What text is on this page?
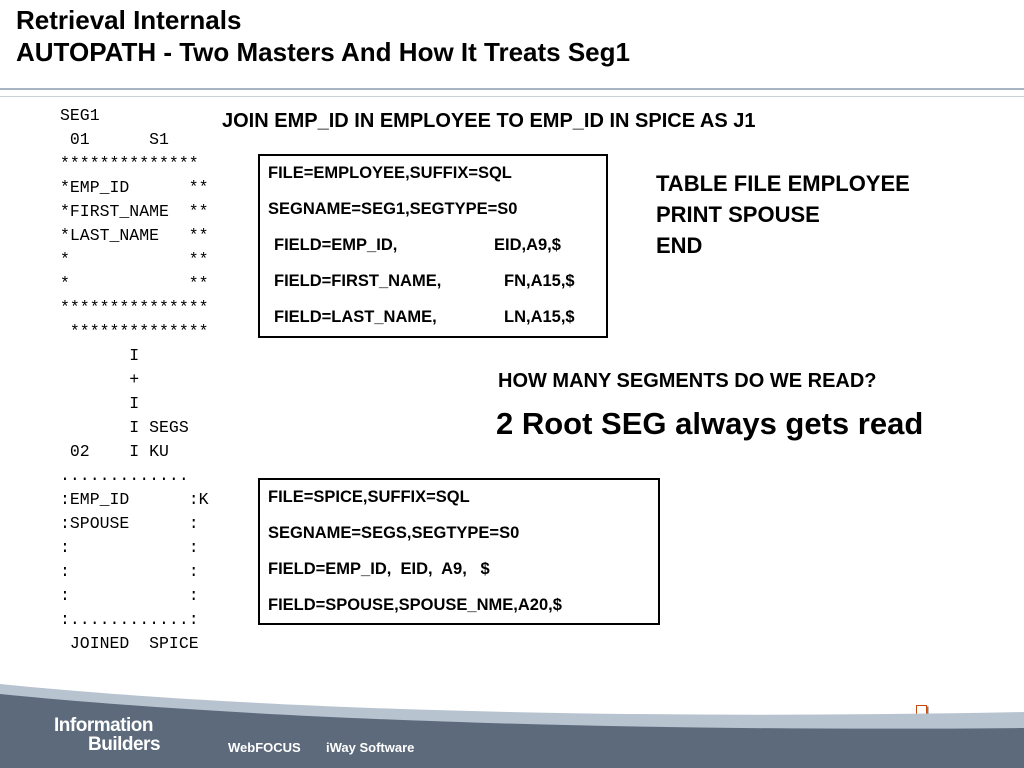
Retrieval Internals
AUTOPATH - Two Masters And How It Treats Seg1
SEG1
01      S1
**************
*EMP_ID      **
*FIRST_NAME  **
*LAST_NAME   **
*            **
*            **
***************
**************
I
+
I
I SEGS
02    I KU
.............
:EMP_ID      :K
:SPOUSE      :
:            :
:            :
:            :
:............:
JOINED  SPICE
JOIN EMP_ID IN EMPLOYEE TO EMP_ID IN SPICE AS J1
FILE=EMPLOYEE,SUFFIX=SQL
SEGNAME=SEG1,SEGTYPE=S0
FIELD=EMP_ID,	EID,A9,$
FIELD=FIRST_NAME,	FN,A15,$
FIELD=LAST_NAME,	LN,A15,$
TABLE FILE EMPLOYEE
PRINT SPOUSE
END
HOW MANY SEGMENTS DO WE READ?
2 Root SEG always gets read
FILE=SPICE,SUFFIX=SQL
SEGNAME=SEGS,SEGTYPE=S0
FIELD=EMP_ID,  EID,  A9,   $
FIELD=SPOUSE,SPOUSE_NME,A20,$
Information
Builders	WebFOCUS iWay Software
